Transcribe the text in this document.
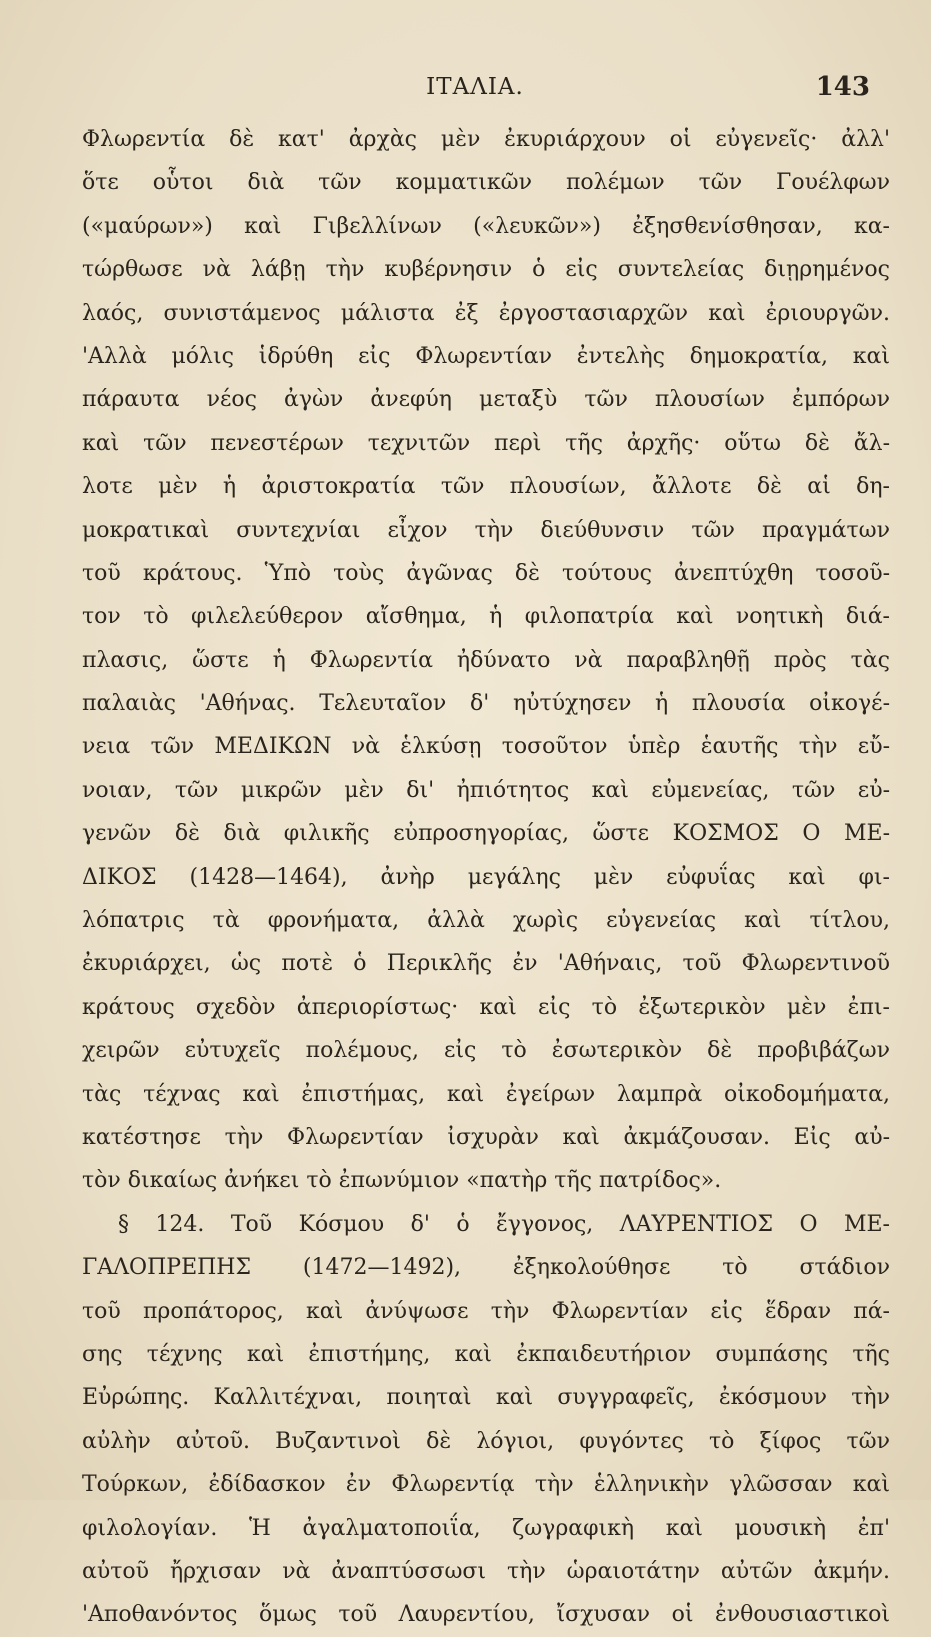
ΙΤΑΛΙΑ.	143
Φλωρεντία δὲ κατ' ἀρχὰς μὲν ἐκυριάρχουν οἱ εὐγενεῖς· ἀλλ'
ὅτε οὗτοι διὰ τῶν κομματικῶν πολέμων τῶν Γουέλφων
(«μαύρων») καὶ Γιβελλίνων («λευκῶν») ἐξησθενίσθησαν, κα-
τώρθωσε νὰ λάβῃ τὴν κυβέρνησιν ὁ εἰς συντελείας διῃρημένος
λαός, συνιστάμενος μάλιστα ἐξ ἐργοστασιαρχῶν καὶ ἐριουργῶν.
'Αλλὰ μόλις ἱδρύθη εἰς Φλωρεντίαν ἐντελὴς δημοκρατία, καὶ
πάραυτα νέος ἀγὼν ἀνεφύη μεταξὺ τῶν πλουσίων ἐμπόρων
καὶ τῶν πενεστέρων τεχνιτῶν περὶ τῆς ἀρχῆς· οὕτω δὲ ἄλ-
λοτε μὲν ἡ ἀριστοκρατία τῶν πλουσίων, ἄλλοτε δὲ αἱ δη-
μοκρατικαὶ συντεχνίαι εἶχον τὴν διεύθυνσιν τῶν πραγμάτων
τοῦ κράτους. Ὑπὸ τοὺς ἀγῶνας δὲ τούτους ἀνεπτύχθη τοσοῦ-
τον τὸ φιλελεύθερον αἴσθημα, ἡ φιλοπατρία καὶ νοητικὴ διά-
πλασις, ὥστε ἡ Φλωρεντία ἠδύνατο νὰ παραβληθῇ πρὸς τὰς
παλαιὰς 'Αθήνας. Τελευταῖον δ' ηὐτύχησεν ἡ πλουσία οἰκογέ-
νεια τῶν ΜΕΔΙΚΩΝ νὰ ἑλκύσῃ τοσοῦτον ὑπὲρ ἑαυτῆς τὴν εὔ-
νοιαν, τῶν μικρῶν μὲν δι' ἠπιότητος καὶ εὐμενείας, τῶν εὐ-
γενῶν δὲ διὰ φιλικῆς εὐπροσηγορίας, ὥστε ΚΟΣΜΟΣ Ο ΜΕ-
ΔΙΚΟΣ (1428—1464), ἀνὴρ μεγάλης μὲν εὐφυΐας καὶ φι-
λόπατρις τὰ φρονήματα, ἀλλὰ χωρὶς εὐγενείας καὶ τίτλου,
ἐκυριάρχει, ὡς ποτὲ ὁ Περικλῆς ἐν 'Αθήναις, τοῦ Φλωρεντινοῦ
κράτους σχεδὸν ἀπεριορίστως· καὶ εἰς τὸ ἐξωτερικὸν μὲν ἐπι-
χειρῶν εὐτυχεῖς πολέμους, εἰς τὸ ἐσωτερικὸν δὲ προβιβάζων
τὰς τέχνας καὶ ἐπιστήμας, καὶ ἐγείρων λαμπρὰ οἰκοδομήματα,
κατέστησε τὴν Φλωρεντίαν ἰσχυρὰν καὶ ἀκμάζουσαν. Εἰς αὐ-
τὸν δικαίως ἀνήκει τὸ ἐπωνύμιον «πατὴρ τῆς πατρίδος».
§ 124. Τοῦ Κόσμου δ' ὁ ἔγγονος, ΛΑΥΡΕΝΤΙΟΣ Ο ΜΕ-
ΓΑΛΟΠΡΕΠΗΣ (1472—1492), ἐξηκολούθησε τὸ στάδιον
τοῦ προπάτορος, καὶ ἀνύψωσε τὴν Φλωρεντίαν εἰς ἕδραν πά-
σης τέχνης καὶ ἐπιστήμης, καὶ ἐκπαιδευτήριον συμπάσης τῆς
Εὐρώπης. Καλλιτέχναι, ποιηταὶ καὶ συγγραφεῖς, ἐκόσμουν τὴν
αὐλὴν αὐτοῦ. Βυζαντινοὶ δὲ λόγιοι, φυγόντες τὸ ξίφος τῶν
Τούρκων, ἐδίδασκον ἐν Φλωρεντίᾳ τὴν ἑλληνικὴν γλῶσσαν καὶ
φιλολογίαν. Ἡ ἀγαλματοποιΐα, ζωγραφικὴ καὶ μουσικὴ ἐπ'
αὐτοῦ ἤρχισαν νὰ ἀναπτύσσωσι τὴν ὡραιοτάτην αὐτῶν ἀκμήν.
'Αποθανόντος ὅμως τοῦ Λαυρεντίου, ἴσχυσαν οἱ ἐνθουσιαστικοὶ
